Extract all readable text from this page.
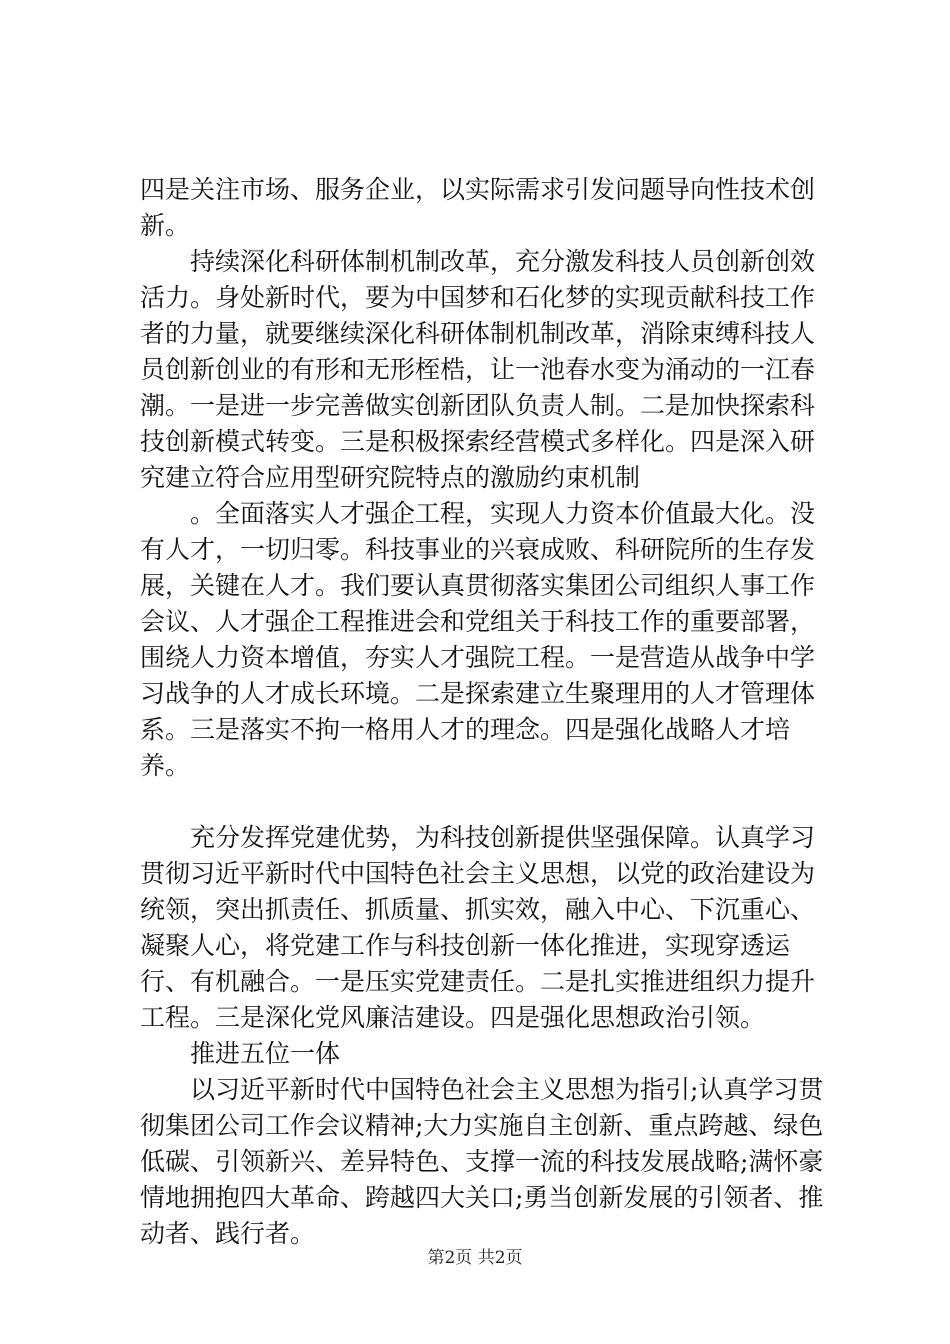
四是关注市场、服务企业，以实际需求引发问题导向性技术创新。

持续深化科研体制机制改革，充分激发科技人员创新创效活力。身处新时代，要为中国梦和石化梦的实现贡献科技工作者的力量，就要继续深化科研体制机制改革，消除束缚科技人员创新创业的有形和无形桎梏，让一池春水变为涌动的一江春潮。一是进一步完善做实创新团队负责人制。二是加快探索科技创新模式转变。三是积极探索经营模式多样化。四是深入研究建立符合应用型研究院特点的激励约束机制

。全面落实人才强企工程，实现人力资本价值最大化。没有人才，一切归零。科技事业的兴衰成败、科研院所的生存发展，关键在人才。我们要认真贯彻落实集团公司组织人事工作会议、人才强企工程推进会和党组关于科技工作的重要部署，围绕人力资本增值，夯实人才强院工程。一是营造从战争中学习战争的人才成长环境。二是探索建立生聚理用的人才管理体系。三是落实不拘一格用人才的理念。四是强化战略人才培养。

充分发挥党建优势，为科技创新提供坚强保障。认真学习贯彻习近平新时代中国特色社会主义思想，以党的政治建设为统领，突出抓责任、抓质量、抓实效，融入中心、下沉重心、凝聚人心，将党建工作与科技创新一体化推进，实现穿透运行、有机融合。一是压实党建责任。二是扎实推进组织力提升工程。三是深化党风廉洁建设。四是强化思想政治引领。

推进五位一体

以习近平新时代中国特色社会主义思想为指引;认真学习贯彻集团公司工作会议精神;大力实施自主创新、重点跨越、绿色低碳、引领新兴、差异特色、支撑一流的科技发展战略;满怀豪情地拥抱四大革命、跨越四大关口;勇当创新发展的引领者、推动者、践行者。

第2页 共2页
